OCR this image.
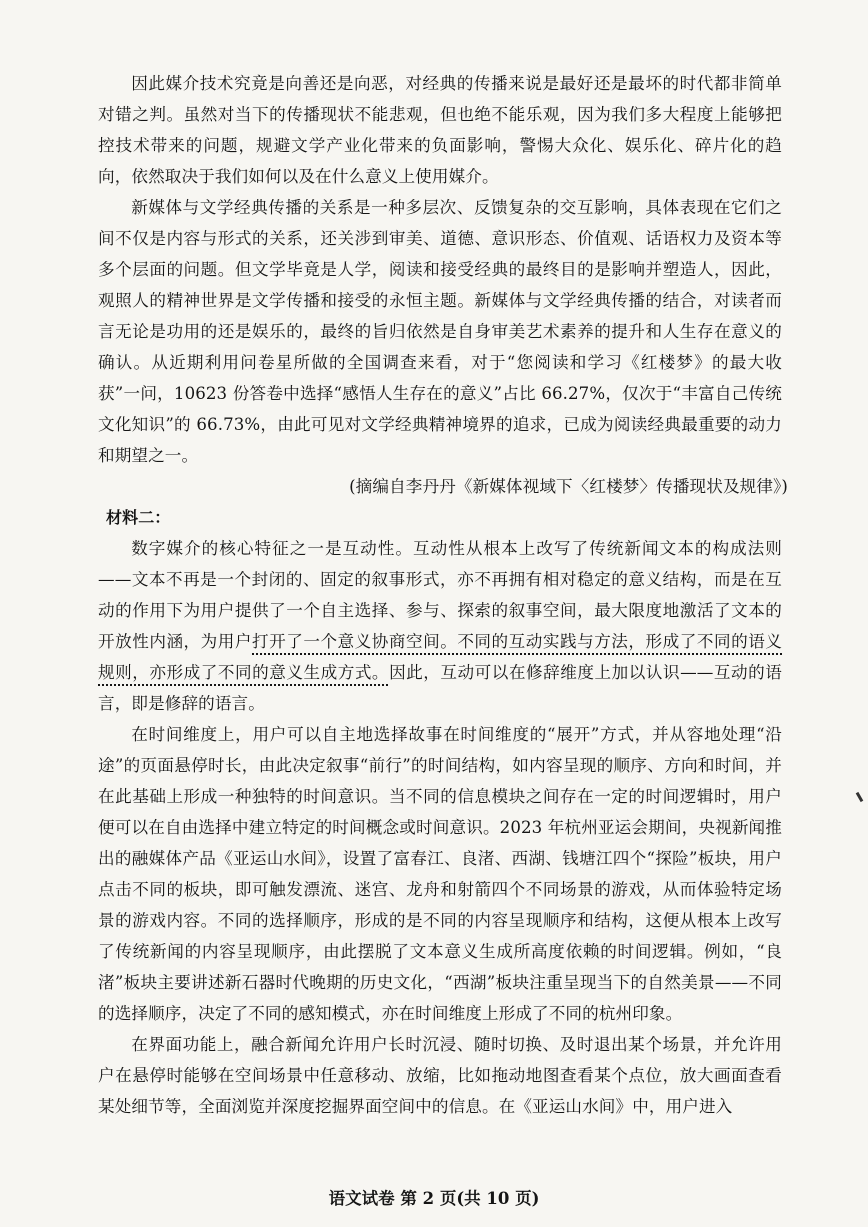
因此媒介技术究竟是向善还是向恶，对经典的传播来说是最好还是最坏的时代都非简单对错之判。虽然对当下的传播现状不能悲观，但也绝不能乐观，因为我们多大程度上能够把控技术带来的问题，规避文学产业化带来的负面影响，警惕大众化、娱乐化、碎片化的趋向，依然取决于我们如何以及在什么意义上使用媒介。

新媒体与文学经典传播的关系是一种多层次、反馈复杂的交互影响，具体表现在它们之间不仅是内容与形式的关系，还关涉到审美、道德、意识形态、价值观、话语权力及资本等多个层面的问题。但文学毕竟是人学，阅读和接受经典的最终目的是影响并塑造人，因此，观照人的精神世界是文学传播和接受的永恒主题。新媒体与文学经典传播的结合，对读者而言无论是功用的还是娱乐的，最终的旨归依然是自身审美艺术素养的提升和人生存在意义的确认。从近期利用问卷星所做的全国调查来看，对于“您阅读和学习《红楼梦》的最大收获”一问，10623 份答卷中选择“感悟人生存在的意义”占比 66.27%，仅次于“丰富自己传统文化知识”的 66.73%，由此可见对文学经典精神境界的追求，已成为阅读经典最重要的动力和期望之一。

(摘编自李丹丹《新媒体视域下〈红楼梦〉传播现状及规律》)

材料二：

数字媒介的核心特征之一是互动性。互动性从根本上改写了传统新闻文本的构成法则——文本不再是一个封闭的、固定的叙事形式，亦不再拥有相对稳定的意义结构，而是在互动的作用下为用户提供了一个自主选择、参与、探索的叙事空间，最大限度地激活了文本的开放性内涵，为用户打开了一个意义协商空间。不同的互动实践与方法，形成了不同的语义规则，亦形成了不同的意义生成方式。因此，互动可以在修辞维度上加以认识——互动的语言，即是修辞的语言。

在时间维度上，用户可以自主地选择故事在时间维度的“展开”方式，并从容地处理“沿途”的页面悬停时长，由此决定叙事“前行”的时间结构，如内容呈现的顺序、方向和时间，并在此基础上形成一种独特的时间意识。当不同的信息模块之间存在一定的时间逻辑时，用户便可以在自由选择中建立特定的时间概念或时间意识。2023 年杭州亚运会期间，央视新闻推出的融媒体产品《亚运山水间》，设置了富春江、良渚、西湖、钱塘江四个“探险”板块，用户点击不同的板块，即可触发漂流、迷宫、龙舟和射箭四个不同场景的游戏，从而体验特定场景的游戏内容。不同的选择顺序，形成的是不同的内容呈现顺序和结构，这便从根本上改写了传统新闻的内容呈现顺序，由此摆脱了文本意义生成所高度依赖的时间逻辑。例如，“良渚”板块主要讲述新石器时代晚期的历史文化，“西湖”板块注重呈现当下的自然美景——不同的选择顺序，决定了不同的感知模式，亦在时间维度上形成了不同的杭州印象。

在界面功能上，融合新闻允许用户长时沉浸、随时切换、及时退出某个场景，并允许用户在悬停时能够在空间场景中任意移动、放缩，比如拖动地图查看某个点位，放大画面查看某处细节等，全面浏览并深度挖掘界面空间中的信息。在《亚运山水间》中，用户进入

语文试卷 第 2 页(共 10 页)
